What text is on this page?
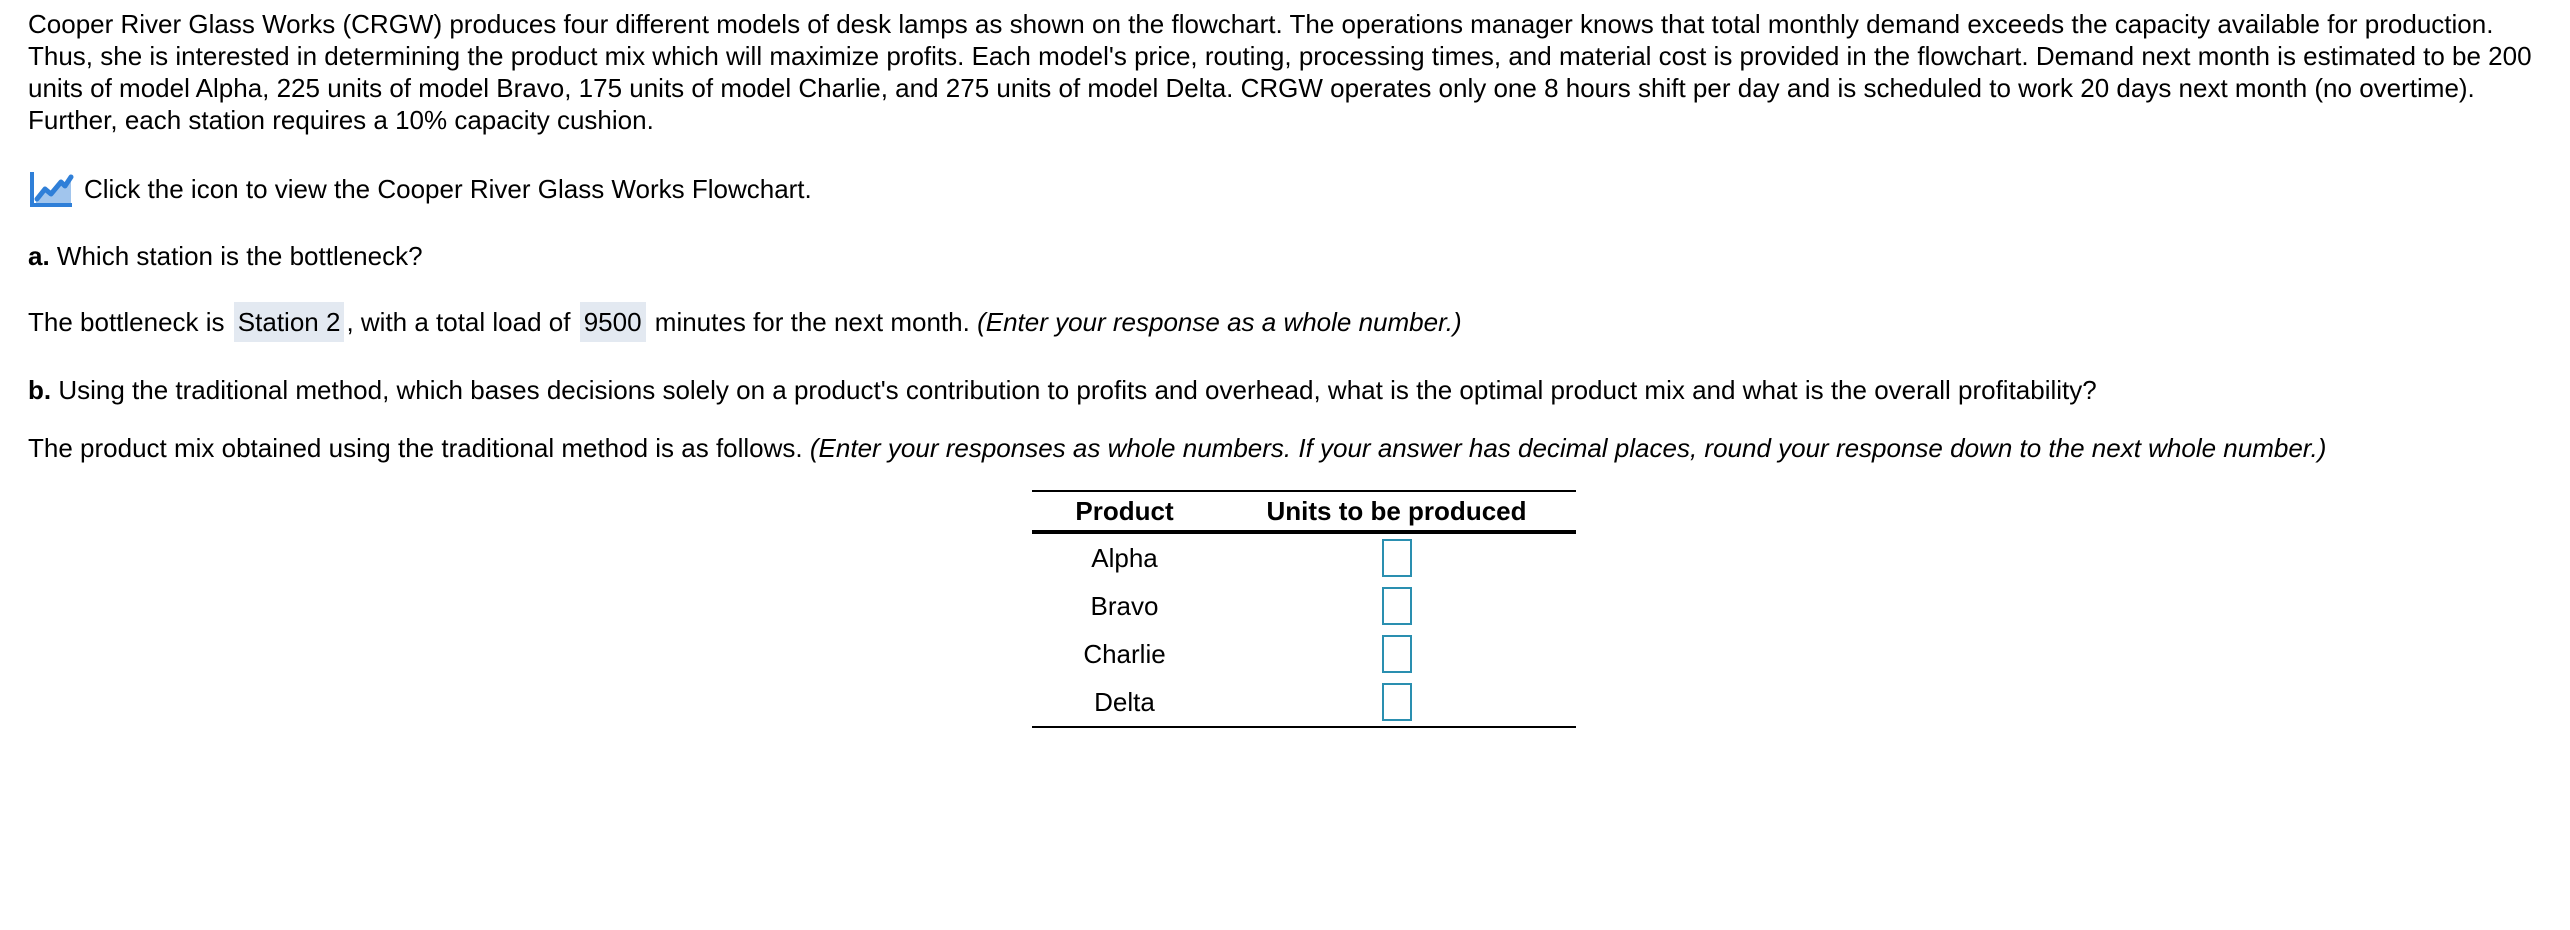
Cooper River Glass Works (CRGW) produces four different models of desk lamps as shown on the flowchart. The operations manager knows that total monthly demand exceeds the capacity available for production. Thus, she is interested in determining the product mix which will maximize profits. Each model's price, routing, processing times, and material cost is provided in the flowchart. Demand next month is estimated to be 200 units of model Alpha, 225 units of model Bravo, 175 units of model Charlie, and 275 units of model Delta. CRGW operates only one 8 hours shift per day and is scheduled to work 20 days next month (no overtime). Further, each station requires a 10% capacity cushion.

Click the icon to view the Cooper River Glass Works Flowchart.

a. Which station is the bottleneck?

The bottleneck is Station 2 , with a total load of 9500 minutes for the next month. (Enter your response as a whole number.)

b. Using the traditional method, which bases decisions solely on a product's contribution to profits and overhead, what is the optimal product mix and what is the overall profitability?

The product mix obtained using the traditional method is as follows. (Enter your responses as whole numbers. If your answer has decimal places, round your response down to the next whole number.)

Product	Units to be produced
Alpha	
Bravo	
Charlie	
Delta	
